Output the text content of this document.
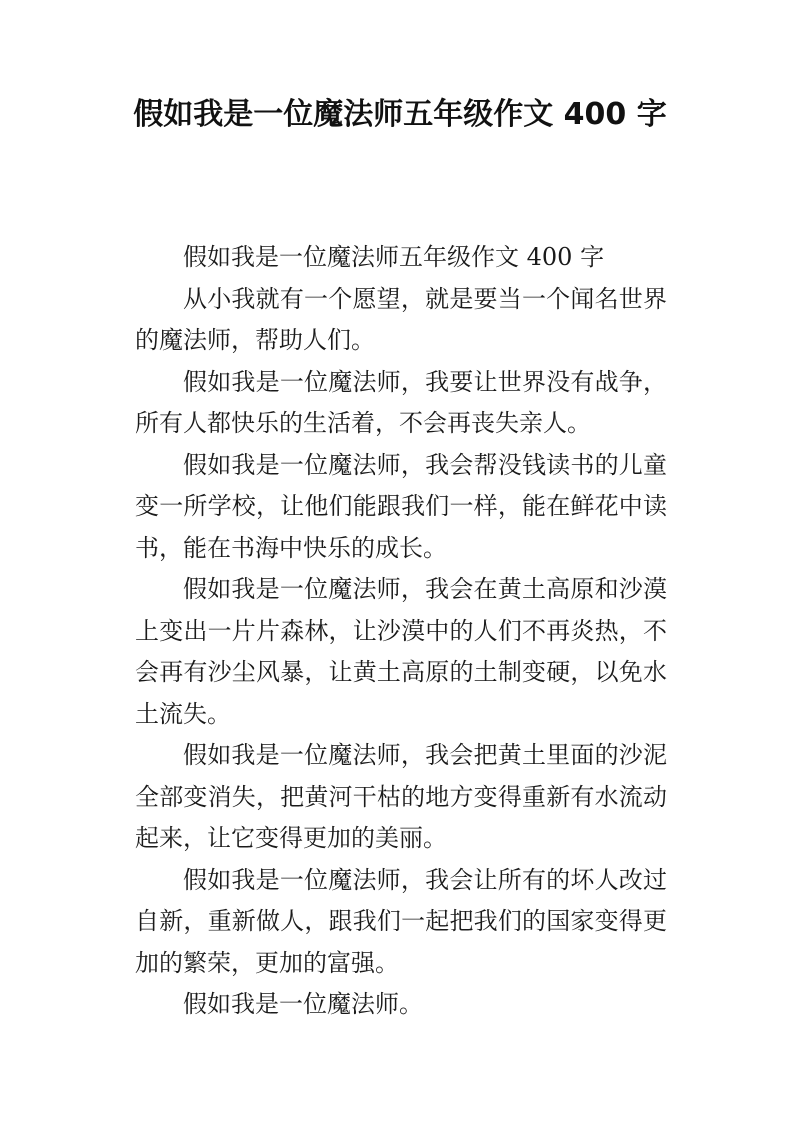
假如我是一位魔法师五年级作文 400 字

假如我是一位魔法师五年级作文 400 字

从小我就有一个愿望，就是要当一个闻名世界的魔法师，帮助人们。

假如我是一位魔法师，我要让世界没有战争，所有人都快乐的生活着，不会再丧失亲人。

假如我是一位魔法师，我会帮没钱读书的儿童变一所学校，让他们能跟我们一样，能在鲜花中读书，能在书海中快乐的成长。

假如我是一位魔法师，我会在黄土高原和沙漠上变出一片片森林，让沙漠中的人们不再炎热，不会再有沙尘风暴，让黄土高原的土制变硬，以免水土流失。

假如我是一位魔法师，我会把黄土里面的沙泥全部变消失，把黄河干枯的地方变得重新有水流动起来，让它变得更加的美丽。

假如我是一位魔法师，我会让所有的坏人改过自新，重新做人，跟我们一起把我们的国家变得更加的繁荣，更加的富强。

假如我是一位魔法师。
